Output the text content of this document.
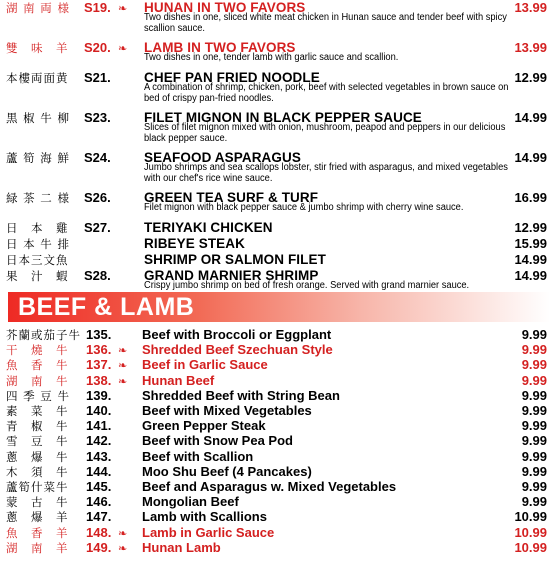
湖 南 両 様	S19. ❧ HUNAN IN TWO FAVORS	13.99
Two dishes in one, sliced white meat chicken in Hunan sauce and tender beef with spicy scallion sauce.
雙　味　羊	S20. ❧ LAMB IN TWO FAVORS	13.99
Two dishes in one, tender lamb with garlic sauce and scallion.
本樓両面黄	S21. CHEF PAN FRIED NOODLE	12.99
A combination of shrimp, chicken, pork, beef with selected vegetables in brown sauce on bed of crispy pan-fried noodles.
黒 椒 牛 柳	S23. FILET MIGNON IN BLACK PEPPER SAUCE	14.99
Slices of filet mignon mixed with onion, mushroom, peapod and peppers in our delicious black pepper sauce.
蘆 筍 海 鮮	S24. SEAFOOD ASPARAGUS	14.99
Jumbo shrimps and sea scallops lobster, stir fried with asparagus, and mixed vegetables with our chef's rice wine sauce.
緑 茶 二 様	S26. GREEN TEA SURF & TURF	16.99
Filet mignon with black pepper sauce & jumbo shrimp with cherry wine sauce.
日　本　雞	S27. TERIYAKI CHICKEN	12.99
日 本 牛 排	RIBEYE STEAK	15.99
日本三文魚	SHRIMP OR SALMON FILET	14.99
果　汁　蝦	S28. GRAND MARNIER SHRIMP	14.99
Crispy jumbo shrimp on bed of fresh orange. Served with grand marnier sauce.
BEEF & LAMB
芥蘭或茄子牛 135. Beef with Broccoli or Eggplant	9.99
干　燒　牛	136. ❧ Shredded Beef Szechuan Style	9.99
魚　香　牛	137. ❧ Beef in Garlic Sauce	9.99
湖　南　牛	138. ❧ Hunan Beef	9.99
四 季 豆 牛	139. Shredded Beef with String Bean	9.99
素　菜　牛	140. Beef with Mixed Vegetables	9.99
青　椒　牛	141. Green Pepper Steak	9.99
雪　豆　牛	142. Beef with Snow Pea Pod	9.99
蔥　爆　牛	143. Beef with Scallion	9.99
木　須　牛	144. Moo Shu Beef (4 Pancakes)	9.99
蘆筍什菜牛	145. Beef and Asparagus w. Mixed Vegetables	9.99
蒙　古　牛	146. Mongolian Beef	9.99
蔥　爆　羊	147. Lamb with Scallions	10.99
魚　香　羊	148. ❧ Lamb in Garlic Sauce	10.99
湖　南　羊	149. ❧ Hunan Lamb	10.99
